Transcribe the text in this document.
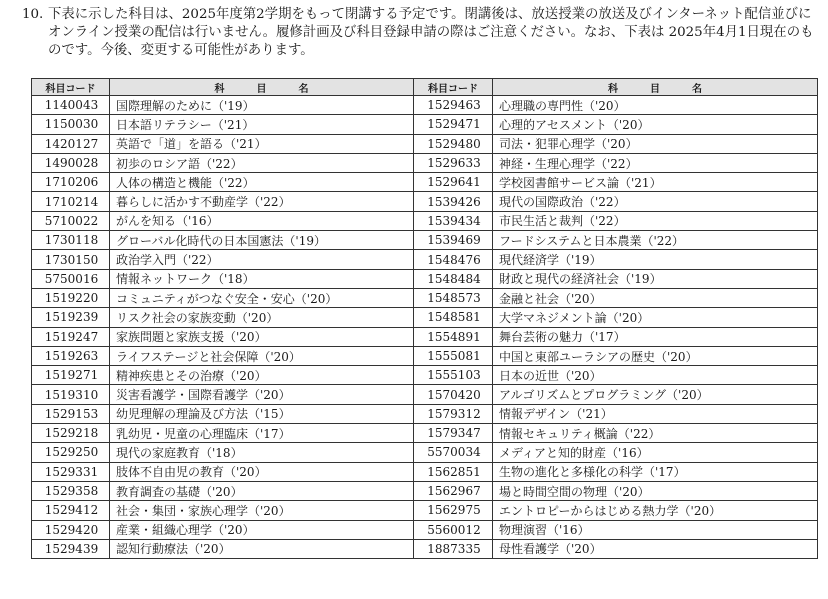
10. 下表に示した科目は、2025年度第2学期をもって閉講する予定です。閉講後は、放送授業の放送及びインターネット配信並びにオンライン授業の配信は行いません。履修計画及び科目登録申請の際はご注意ください。なお、下表は 2025年4月1日現在のものです。今後、変更する可能性があります。
科目コード	科目名	科目コード	科目名
1140043	国際理解のために（'19）	1529463	心理職の専門性（'20）
1150030	日本語リテラシー（'21）	1529471	心理的アセスメント（'20）
1420127	英語で「道」を語る（'21）	1529480	司法・犯罪心理学（'20）
1490028	初歩のロシア語（'22）	1529633	神経・生理心理学（'22）
1710206	人体の構造と機能（'22）	1529641	学校図書館サービス論（'21）
1710214	暮らしに活かす不動産学（'22）	1539426	現代の国際政治（'22）
5710022	がんを知る（'16）	1539434	市民生活と裁判（'22）
1730118	グローバル化時代の日本国憲法（'19）	1539469	フードシステムと日本農業（'22）
1730150	政治学入門（'22）	1548476	現代経済学（'19）
5750016	情報ネットワーク（'18）	1548484	財政と現代の経済社会（'19）
1519220	コミュニティがつなぐ安全・安心（'20）	1548573	金融と社会（'20）
1519239	リスク社会の家族変動（'20）	1548581	大学マネジメント論（'20）
1519247	家族問題と家族支援（'20）	1554891	舞台芸術の魅力（'17）
1519263	ライフステージと社会保障（'20）	1555081	中国と東部ユーラシアの歴史（'20）
1519271	精神疾患とその治療（'20）	1555103	日本の近世（'20）
1519310	災害看護学・国際看護学（'20）	1570420	アルゴリズムとプログラミング（'20）
1529153	幼児理解の理論及び方法（'15）	1579312	情報デザイン（'21）
1529218	乳幼児・児童の心理臨床（'17）	1579347	情報セキュリティ概論（'22）
1529250	現代の家庭教育（'18）	5570034	メディアと知的財産（'16）
1529331	肢体不自由児の教育（'20）	1562851	生物の進化と多様化の科学（'17）
1529358	教育調査の基礎（'20）	1562967	場と時間空間の物理（'20）
1529412	社会・集団・家族心理学（'20）	1562975	エントロピーからはじめる熱力学（'20）
1529420	産業・組織心理学（'20）	5560012	物理演習（'16）
1529439	認知行動療法（'20）	1887335	母性看護学（'20）
